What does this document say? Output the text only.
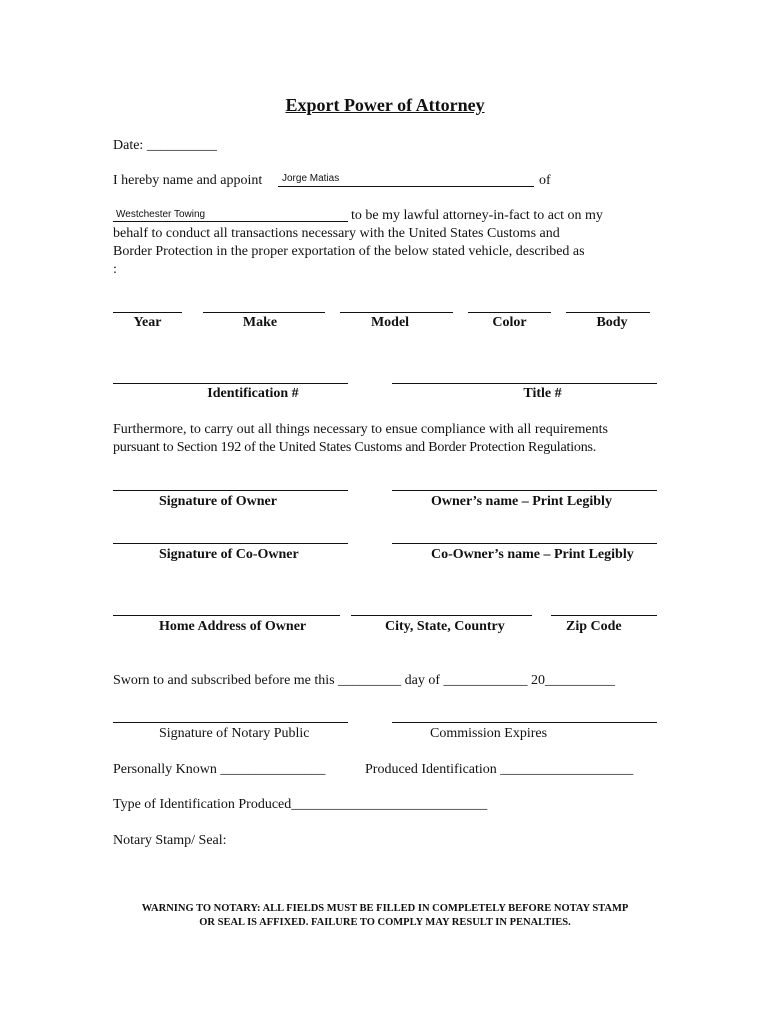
Export Power of Attorney
Date: __________
I hereby name and appoint Jorge Matias	of
Westchester Towing	to be my lawful attorney-in-fact to act on my
behalf to conduct all transactions necessary with the United States Customs and
Border Protection in the proper exportation of the below stated vehicle, described as
:
Year	Make	Model	Color	Body
Identification #	Title #
Furthermore, to carry out all things necessary to ensue compliance with all requirements
pursuant to Section 192 of the United States Customs and Border Protection Regulations.
Signature of Owner	Owner’s name – Print Legibly
Signature of Co-Owner	Co-Owner’s name – Print Legibly
Home Address of Owner	City, State, Country	Zip Code
Sworn to and subscribed before me this _________ day of ____________ 20__________
Signature of Notary Public	Commission Expires
Personally Known _______________	Produced Identification ___________________
Type of Identification Produced____________________________
Notary Stamp/ Seal:
WARNING TO NOTARY: ALL FIELDS MUST BE FILLED IN COMPLETELY BEFORE NOTAY STAMP
OR SEAL IS AFFIXED. FAILURE TO COMPLY MAY RESULT IN PENALTIES.
